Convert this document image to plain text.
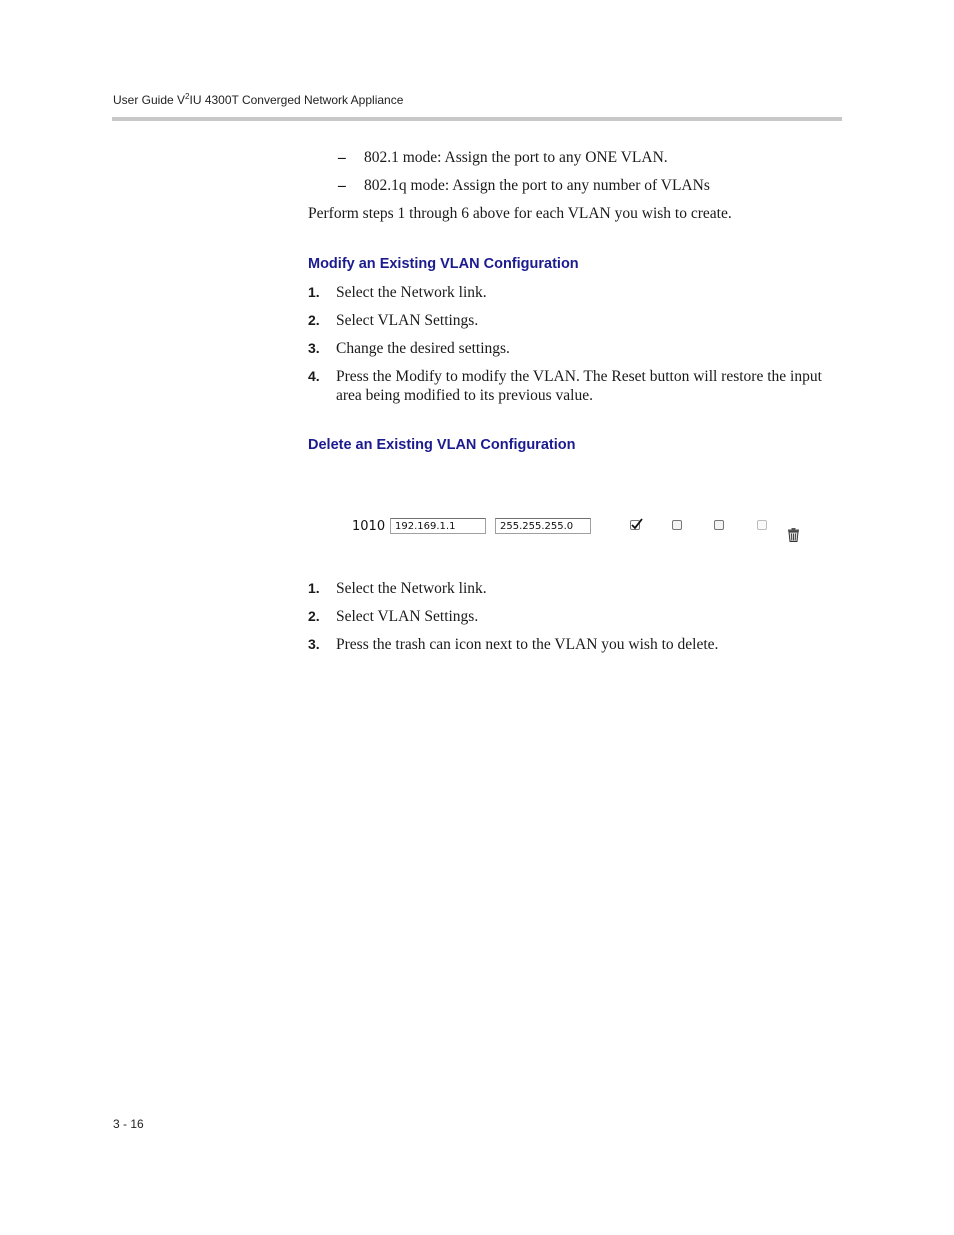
User Guide $V^2IU$ 4300T Converged Network Appliance
– 802.1 mode: Assign the port to any ONE VLAN.
– 802.1q mode: Assign the port to any number of VLANs
Perform steps 1 through 6 above for each VLAN you wish to create.
Modify an Existing VLAN Configuration
1. Select the Network link.
2. Select VLAN Settings.
3. Change the desired settings.
4. Press the Modify to modify the VLAN. The Reset button will restore the input area being modified to its previous value.
Delete an Existing VLAN Configuration
1010 192.169.1.1	255.255.255.0
1. Select the Network link.
2. Select VLAN Settings.
3. Press the trash can icon next to the VLAN you wish to delete.
3 - 16
